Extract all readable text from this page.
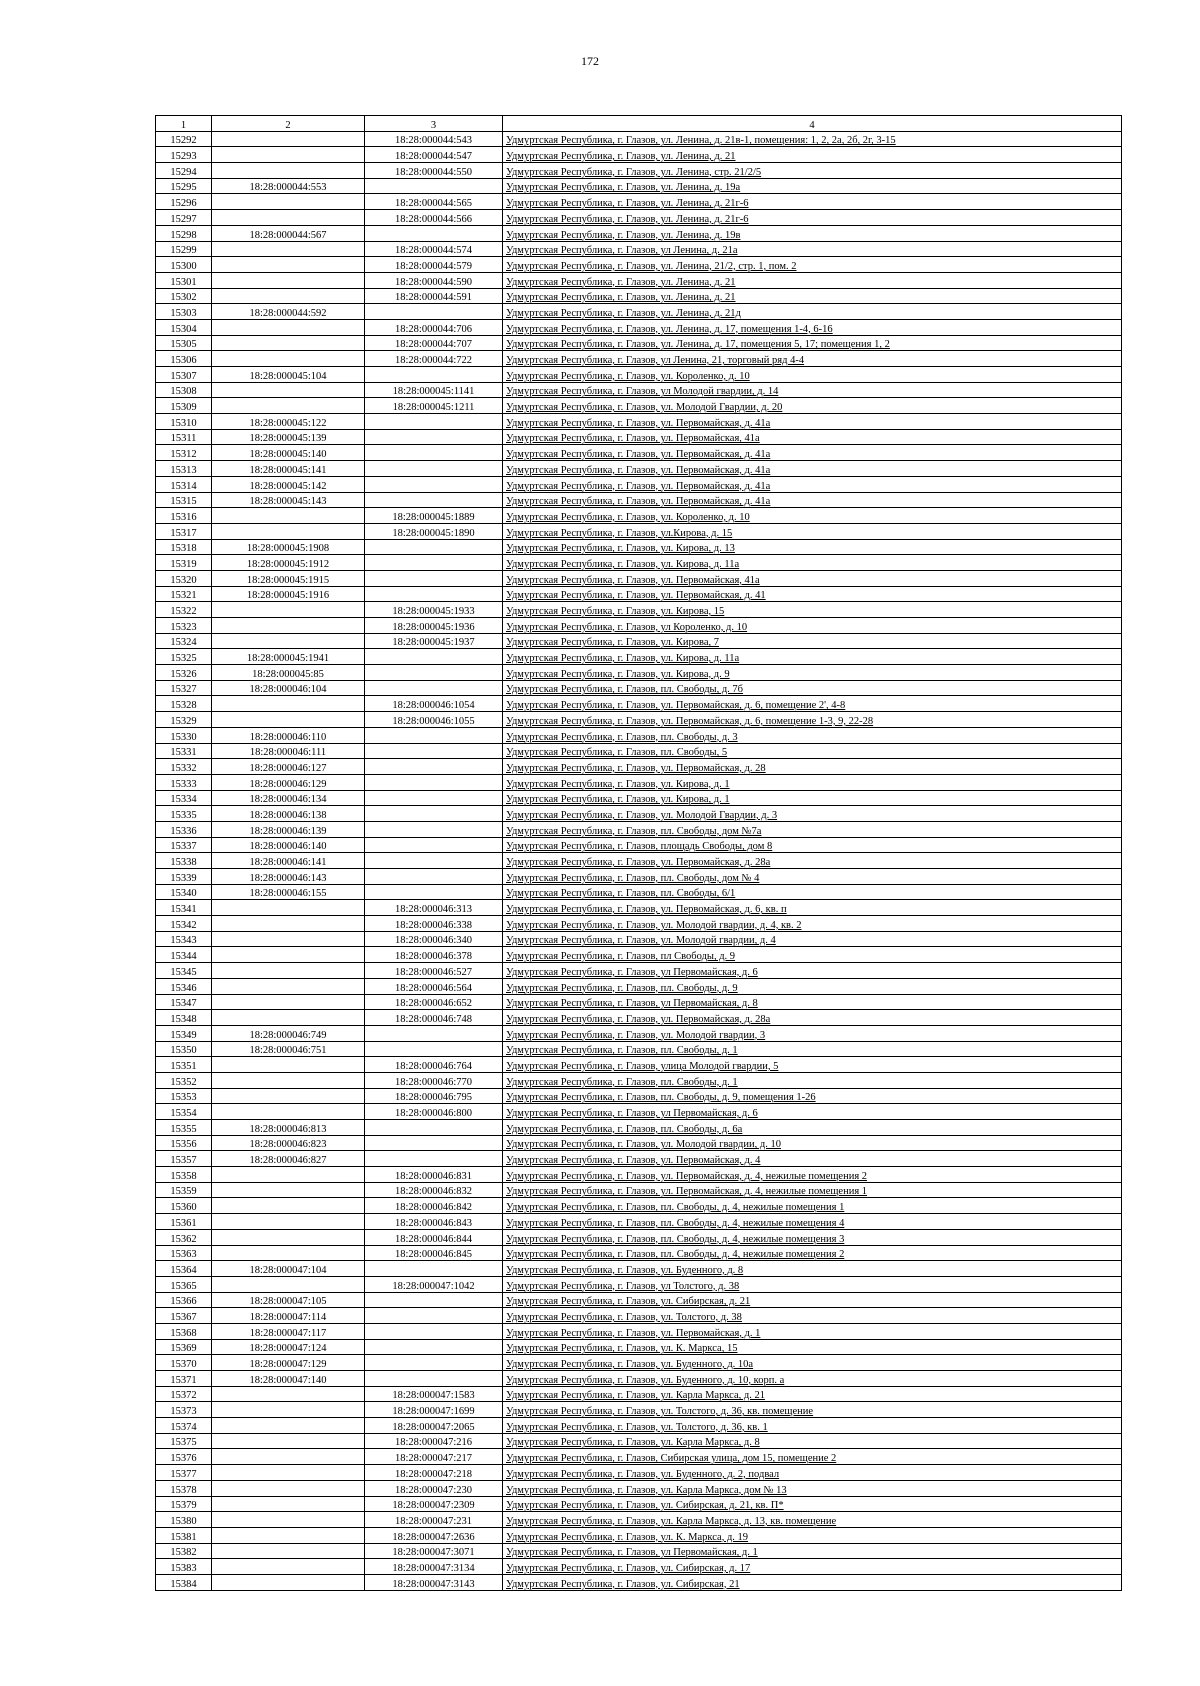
172
1	2	3	4
15292		18:28:000044:543	Удмуртская Республика, г. Глазов, ул. Ленина, д. 21в-1, помещения: 1, 2, 2а, 2б, 2г, 3-15
15293		18:28:000044:547	Удмуртская Республика, г. Глазов, ул. Ленина, д. 21
15294		18:28:000044:550	Удмуртская Республика, г. Глазов, ул. Ленина, стр. 21/2/5
15295	18:28:000044:553		Удмуртская Республика, г. Глазов, ул. Ленина, д. 19а
15296		18:28:000044:565	Удмуртская Республика, г. Глазов, ул. Ленина, д. 21г-6
15297		18:28:000044:566	Удмуртская Республика, г. Глазов, ул. Ленина, д. 21г-6
15298	18:28:000044:567		Удмуртская Республика, г. Глазов, ул. Ленина, д. 19в
15299		18:28:000044:574	Удмуртская Республика, г. Глазов, ул Ленина, д. 21а
15300		18:28:000044:579	Удмуртская Республика, г. Глазов, ул. Ленина, 21/2, стр. 1, пом. 2
15301		18:28:000044:590	Удмуртская Республика, г. Глазов, ул. Ленина, д. 21
15302		18:28:000044:591	Удмуртская Республика, г. Глазов, ул. Ленина, д. 21
15303	18:28:000044:592		Удмуртская Республика, г. Глазов, ул. Ленина, д. 21д
15304		18:28:000044:706	Удмуртская Республика, г. Глазов, ул. Ленина, д. 17, помещения 1-4, 6-16
15305		18:28:000044:707	Удмуртская Республика, г. Глазов, ул. Ленина, д. 17, помещения 5, 17; помещения 1, 2
15306		18:28:000044:722	Удмуртская Республика, г. Глазов, ул Ленина, 21, торговый ряд 4-4
15307	18:28:000045:104		Удмуртская Республика, г. Глазов, ул. Короленко, д. 10
15308		18:28:000045:1141	Удмуртская Республика, г. Глазов, ул Молодой гвардии, д. 14
15309		18:28:000045:1211	Удмуртская Республика, г. Глазов, ул. Молодой Гвардии, д. 20
15310	18:28:000045:122		Удмуртская Республика, г. Глазов, ул. Первомайская, д. 41а
15311	18:28:000045:139		Удмуртская Республика, г. Глазов, ул. Первомайская, 41а
15312	18:28:000045:140		Удмуртская Республика, г. Глазов, ул. Первомайская, д. 41а
15313	18:28:000045:141		Удмуртская Республика, г. Глазов, ул. Первомайская, д. 41а
15314	18:28:000045:142		Удмуртская Республика, г. Глазов, ул. Первомайская, д. 41а
15315	18:28:000045:143		Удмуртская Республика, г. Глазов, ул. Первомайская, д. 41а
15316		18:28:000045:1889	Удмуртская Республика, г. Глазов, ул. Короленко, д. 10
15317		18:28:000045:1890	Удмуртская Республика, г. Глазов, ул.Кирова, д. 15
15318	18:28:000045:1908		Удмуртская Республика, г. Глазов, ул. Кирова, д. 13
15319	18:28:000045:1912		Удмуртская Республика, г. Глазов, ул. Кирова, д. 11а
15320	18:28:000045:1915		Удмуртская Республика, г. Глазов, ул. Первомайская, 41а
15321	18:28:000045:1916		Удмуртская Республика, г. Глазов, ул. Первомайская, д. 41
15322		18:28:000045:1933	Удмуртская Республика, г. Глазов, ул. Кирова, 15
15323		18:28:000045:1936	Удмуртская Республика, г. Глазов, ул Короленко, д. 10
15324		18:28:000045:1937	Удмуртская Республика, г. Глазов, ул. Кирова, 7
15325	18:28:000045:1941		Удмуртская Республика, г. Глазов, ул. Кирова, д. 11а
15326	18:28:000045:85		Удмуртская Республика, г. Глазов, ул. Кирова, д. 9
15327	18:28:000046:104		Удмуртская Республика, г. Глазов, пл. Свободы, д. 7б
15328		18:28:000046:1054	Удмуртская Республика, г. Глазов, ул. Первомайская, д. 6, помещение 2', 4-8
15329		18:28:000046:1055	Удмуртская Республика, г. Глазов, ул. Первомайская, д. 6, помещение 1-3, 9, 22-28
15330	18:28:000046:110		Удмуртская Республика, г. Глазов, пл. Свободы, д. 3
15331	18:28:000046:111		Удмуртская Республика, г. Глазов, пл. Свободы, 5
15332	18:28:000046:127		Удмуртская Республика, г. Глазов, ул. Первомайская, д. 28
15333	18:28:000046:129		Удмуртская Республика, г. Глазов, ул. Кирова, д. 1
15334	18:28:000046:134		Удмуртская Республика, г. Глазов, ул. Кирова, д. 1
15335	18:28:000046:138		Удмуртская Республика, г. Глазов, ул. Молодой Гвардии, д. 3
15336	18:28:000046:139		Удмуртская Республика, г. Глазов, пл. Свободы, дом №7а
15337	18:28:000046:140		Удмуртская Республика, г. Глазов, площадь Свободы, дом 8
15338	18:28:000046:141		Удмуртская Республика, г. Глазов, ул. Первомайская, д. 28а
15339	18:28:000046:143		Удмуртская Республика, г. Глазов, пл. Свободы, дом № 4
15340	18:28:000046:155		Удмуртская Республика, г. Глазов, пл. Свободы, 6/1
15341		18:28:000046:313	Удмуртская Республика, г. Глазов, ул. Первомайская, д. 6, кв. п
15342		18:28:000046:338	Удмуртская Республика, г. Глазов, ул. Молодой гвардии, д. 4, кв. 2
15343		18:28:000046:340	Удмуртская Республика, г. Глазов, ул. Молодой гвардии, д. 4
15344		18:28:000046:378	Удмуртская Республика, г. Глазов, пл Свободы, д. 9
15345		18:28:000046:527	Удмуртская Республика, г. Глазов, ул Первомайская, д. 6
15346		18:28:000046:564	Удмуртская Республика, г. Глазов, пл. Свободы, д. 9
15347		18:28:000046:652	Удмуртская Республика, г. Глазов, ул Первомайская, д. 8
15348		18:28:000046:748	Удмуртская Республика, г. Глазов, ул. Первомайская, д. 28а
15349	18:28:000046:749		Удмуртская Республика, г. Глазов, ул. Молодой гвардии, 3
15350	18:28:000046:751		Удмуртская Республика, г. Глазов, пл. Свободы, д. 1
15351		18:28:000046:764	Удмуртская Республика, г. Глазов, улица Молодой гвардии, 5
15352		18:28:000046:770	Удмуртская Республика, г. Глазов, пл. Свободы, д. 1
15353		18:28:000046:795	Удмуртская Республика, г. Глазов, пл. Свободы, д. 9, помещения 1-26
15354		18:28:000046:800	Удмуртская Республика, г. Глазов, ул Первомайская, д. 6
15355	18:28:000046:813		Удмуртская Республика, г. Глазов, пл. Свободы, д. 6а
15356	18:28:000046:823		Удмуртская Республика, г. Глазов, ул. Молодой гвардии, д. 10
15357	18:28:000046:827		Удмуртская Республика, г. Глазов, ул. Первомайская, д. 4
15358		18:28:000046:831	Удмуртская Республика, г. Глазов, ул. Первомайская, д. 4, нежилые помещения 2
15359		18:28:000046:832	Удмуртская Республика, г. Глазов, ул. Первомайская, д. 4, нежилые помещения 1
15360		18:28:000046:842	Удмуртская Республика, г. Глазов, пл. Свободы, д. 4, нежилые помещения 1
15361		18:28:000046:843	Удмуртская Республика, г. Глазов, пл. Свободы, д. 4, нежилые помещения 4
15362		18:28:000046:844	Удмуртская Республика, г. Глазов, пл. Свободы, д. 4, нежилые помещения 3
15363		18:28:000046:845	Удмуртская Республика, г. Глазов, пл. Свободы, д. 4, нежилые помещения 2
15364	18:28:000047:104		Удмуртская Республика, г. Глазов, ул. Буденного, д. 8
15365		18:28:000047:1042	Удмуртская Республика, г. Глазов, ул Толстого, д. 38
15366	18:28:000047:105		Удмуртская Республика, г. Глазов, ул. Сибирская, д. 21
15367	18:28:000047:114		Удмуртская Республика, г. Глазов, ул. Толстого, д. 38
15368	18:28:000047:117		Удмуртская Республика, г. Глазов, ул. Первомайская, д. 1
15369	18:28:000047:124		Удмуртская Республика, г. Глазов, ул. К. Маркса, 15
15370	18:28:000047:129		Удмуртская Республика, г. Глазов, ул. Буденного, д. 10а
15371	18:28:000047:140		Удмуртская Республика, г. Глазов, ул. Буденного, д. 10, корп. а
15372		18:28:000047:1583	Удмуртская Республика, г. Глазов, ул. Карла Маркса, д. 21
15373		18:28:000047:1699	Удмуртская Республика, г. Глазов, ул. Толстого, д. 36, кв. помещение
15374		18:28:000047:2065	Удмуртская Республика, г. Глазов, ул. Толстого, д. 36, кв. 1
15375		18:28:000047:216	Удмуртская Республика, г. Глазов, ул. Карла Маркса, д. 8
15376		18:28:000047:217	Удмуртская Республика, г. Глазов, Сибирская улица, дом 15, помещение 2
15377		18:28:000047:218	Удмуртская Республика, г. Глазов, ул. Буденного, д. 2, подвал
15378		18:28:000047:230	Удмуртская Республика, г. Глазов, ул. Карла Маркса, дом № 13
15379		18:28:000047:2309	Удмуртская Республика, г. Глазов, ул. Сибирская, д. 21, кв. П*
15380		18:28:000047:231	Удмуртская Республика, г. Глазов, ул. Карла Маркса, д. 13, кв. помещение
15381		18:28:000047:2636	Удмуртская Республика, г. Глазов, ул. К. Маркса, д. 19
15382		18:28:000047:3071	Удмуртская Республика, г. Глазов, ул Первомайская, д. 1
15383		18:28:000047:3134	Удмуртская Республика, г. Глазов, ул. Сибирская, д. 17
15384		18:28:000047:3143	Удмуртская Республика, г. Глазов, ул. Сибирская, 21
